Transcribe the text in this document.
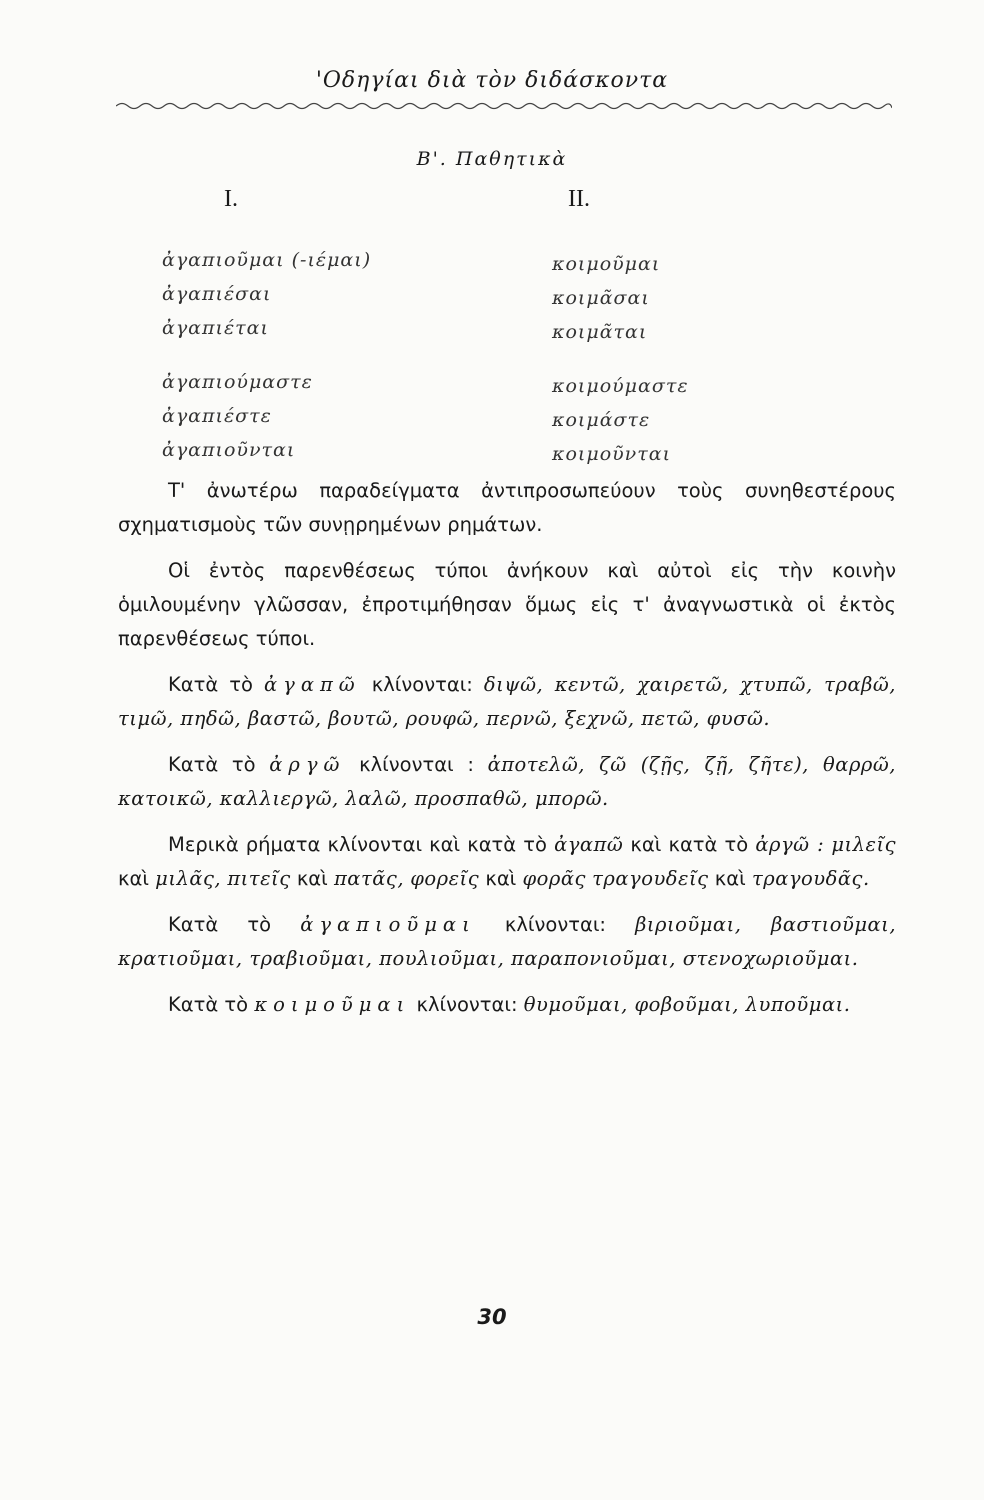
'Οδηγίαι διὰ τὸν διδάσκοντα
Β'. Παθητικὰ
I.	II.
ἀγαπιοῦμαι (-ιέμαι)
ἀγαπιέσαι
ἀγαπιέται
ἀγαπιούμαστε
ἀγαπιέστε
ἀγαπιοῦνται
κοιμοῦμαι
κοιμᾶσαι
κοιμᾶται
κοιμούμαστε
κοιμάστε
κοιμοῦνται

Τ' ἀνωτέρω παραδείγματα ἀντιπροσωπεύουν τοὺς συνηθεστέρους σχηματισμοὺς τῶν συνῃρημένων ρημάτων.

Οἱ ἐντὸς παρενθέσεως τύποι ἀνήκουν καὶ αὐτοὶ εἰς τὴν κοινὴν ὁμιλουμένην γλῶσσαν, ἐπροτιμήθησαν ὅμως εἰς τ' ἀναγνωστικὰ οἱ ἐκτὸς παρενθέσεως τύποι.

Κατὰ τὸ ἀγαπῶ κλίνονται: διψῶ, κεντῶ, χαιρετῶ, χτυπῶ, τραβῶ, τιμῶ, πηδῶ, βαστῶ, βουτῶ, ρουφῶ, περνῶ, ξεχνῶ, πετῶ, φυσῶ.

Κατὰ τὸ ἀργῶ κλίνονται : ἀποτελῶ, ζῶ (ζῇς, ζῇ, ζῆτε), θαρρῶ, κατοικῶ, καλλιεργῶ, λαλῶ, προσπαθῶ, μπορῶ.

Μερικὰ ρήματα κλίνονται καὶ κατὰ τὸ ἀγαπῶ καὶ κατὰ τὸ ἀργῶ : μιλεῖς καὶ μιλᾶς, πιτεῖς καὶ πατᾶς, φορεῖς καὶ φορᾶς τραγουδεῖς καὶ τραγουδᾶς.

Κατὰ τὸ ἀγαπιοῦμαι κλίνονται: βιριοῦμαι, βαστιοῦμαι, κρατιοῦμαι, τραβιοῦμαι, πουλιοῦμαι, παραπονιοῦμαι, στενοχωριοῦμαι.

Κατὰ τὸ κοιμοῦμαι κλίνονται: θυμοῦμαι, φοβοῦμαι, λυποῦμαι.

30
